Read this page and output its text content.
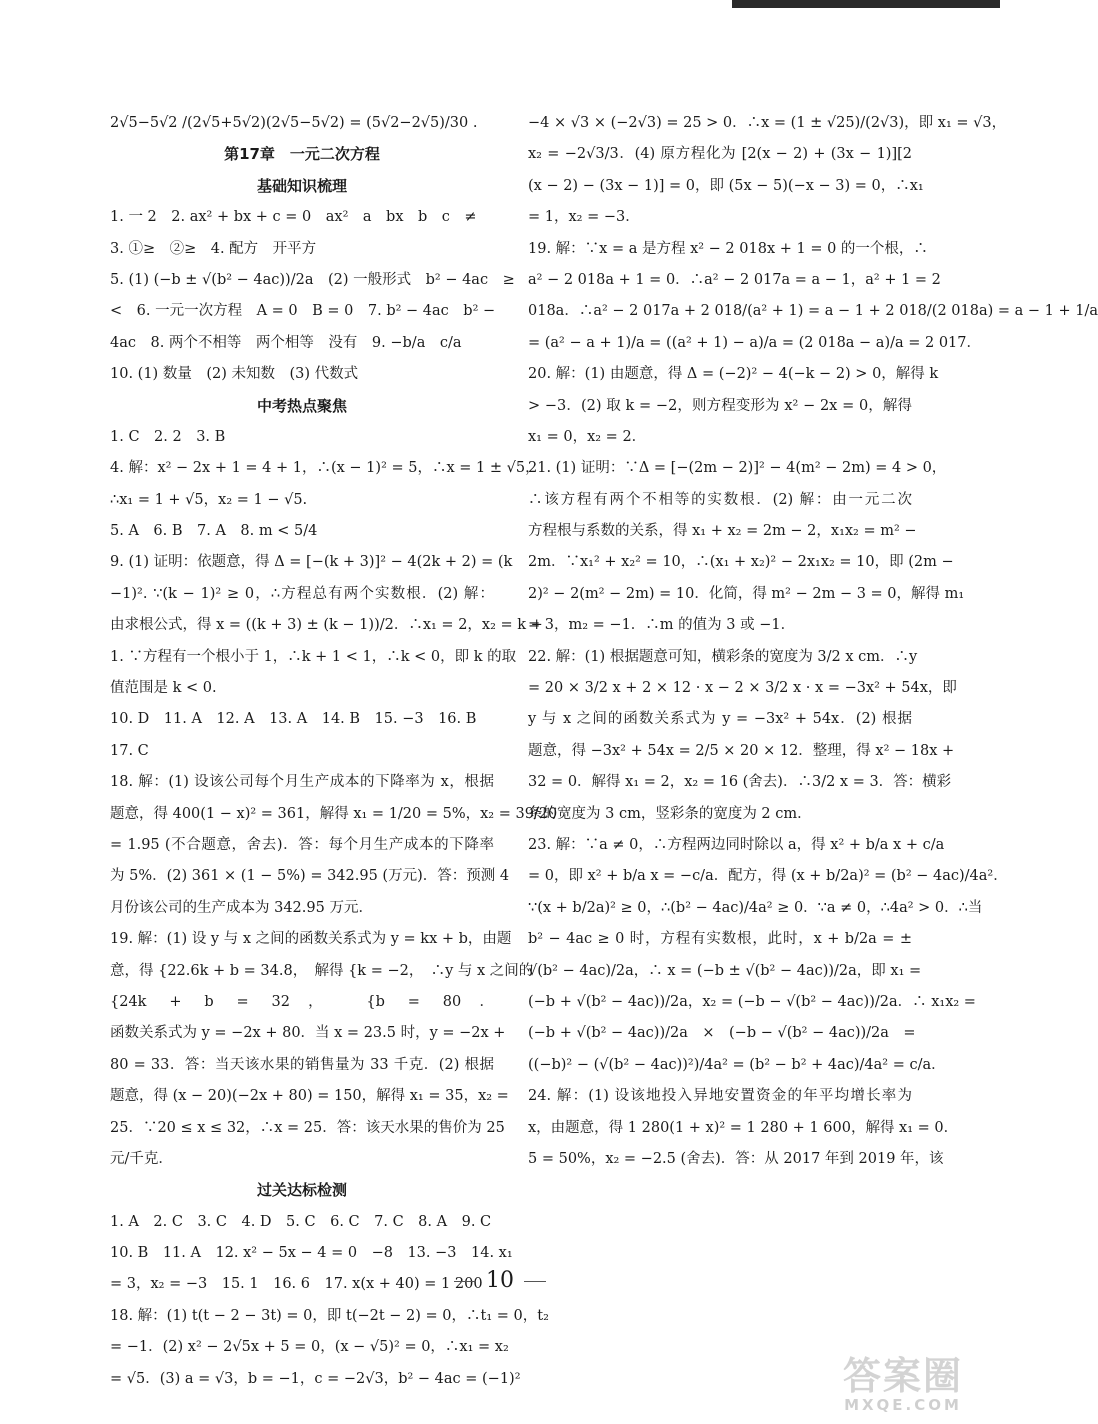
2√5−5√2 /(2√5+5√2)(2√5−5√2) = (5√2−2√5)/30 .
第17章　一元二次方程
基础知识梳理
1. 一 2　2. ax² + bx + c = 0　ax²　a　bx　b　c　≠
3. ①≥　②≥　4. 配方　开平方
5. (1) (−b ± √(b² − 4ac))/2a　(2) 一般形式　b² − 4ac　≥
<　6. 一元一次方程　A = 0　B = 0　7. b² − 4ac　b² −
4ac　8. 两个不相等　两个相等　没有　9. −b/a　c/a
10. (1) 数量　(2) 未知数　(3) 代数式
中考热点聚焦
1. C　2. 2　3. B
4. 解：x² − 2x + 1 = 4 + 1，∴(x − 1)² = 5，∴x = 1 ± √5，
∴x₁ = 1 + √5，x₂ = 1 − √5.
5. A　6. B　7. A　8. m < 5/4
9. (1) 证明：依题意，得 Δ = [−(k + 3)]² − 4(2k + 2) = (k
−1)². ∵(k − 1)² ≥ 0，∴方程总有两个实数根．(2) 解：
由求根公式，得 x = ((k + 3) ± (k − 1))/2．∴x₁ = 2，x₂ = k +
1. ∵方程有一个根小于 1，∴k + 1 < 1，∴k < 0，即 k 的取
值范围是 k < 0.
10. D　11. A　12. A　13. A　14. B　15. −3　16. B
17. C
18. 解：(1) 设该公司每个月生产成本的下降率为 x，根据
题意，得 400(1 − x)² = 361，解得 x₁ = 1/20 = 5%，x₂ = 39/20
= 1.95 (不合题意，舍去)．答：每个月生产成本的下降率
为 5%．(2) 361 × (1 − 5%) = 342.95 (万元)．答：预测 4
月份该公司的生产成本为 342.95 万元．
19. 解：(1) 设 y 与 x 之间的函数关系式为 y = kx + b，由题
意，得 {22.6k + b = 34.8，　解得 {k = −2，　∴y 与 x 之间的
{24k + b = 32，　{b = 80．
函数关系式为 y = −2x + 80．当 x = 23.5 时，y = −2x +
80 = 33．答：当天该水果的销售量为 33 千克．(2) 根据
题意，得 (x − 20)(−2x + 80) = 150，解得 x₁ = 35，x₂ =
25．∵20 ≤ x ≤ 32，∴x = 25．答：该天水果的售价为 25
元/千克．
过关达标检测
1. A　2. C　3. C　4. D　5. C　6. C　7. C　8. A　9. C
10. B　11. A　12. x² − 5x − 4 = 0　−8　13. −3　14. x₁
= 3，x₂ = −3　15. 1　16. 6　17. x(x + 40) = 1 200
18. 解：(1) t(t − 2 − 3t) = 0，即 t(−2t − 2) = 0，∴t₁ = 0，t₂
= −1．(2) x² − 2√5x + 5 = 0，(x − √5)² = 0，∴x₁ = x₂
= √5．(3) a = √3，b = −1，c = −2√3，b² − 4ac = (−1)²
−4 × √3 × (−2√3) = 25 > 0．∴x = (1 ± √25)/(2√3)，即 x₁ = √3，
x₂ = −2√3/3．(4) 原方程化为 [2(x − 2) + (3x − 1)][2
(x − 2) − (3x − 1)] = 0，即 (5x − 5)(−x − 3) = 0，∴x₁
= 1，x₂ = −3．
19. 解：∵x = a 是方程 x² − 2 018x + 1 = 0 的一个根，∴
a² − 2 018a + 1 = 0．∴a² − 2 017a = a − 1，a² + 1 = 2
018a．∴a² − 2 017a + 2 018/(a² + 1) = a − 1 + 2 018/(2 018a) = a − 1 + 1/a
= (a² − a + 1)/a = ((a² + 1) − a)/a = (2 018a − a)/a = 2 017．
20. 解：(1) 由题意，得 Δ = (−2)² − 4(−k − 2) > 0，解得 k
> −3．(2) 取 k = −2，则方程变形为 x² − 2x = 0，解得
x₁ = 0，x₂ = 2．
21. (1) 证明：∵Δ = [−(2m − 2)]² − 4(m² − 2m) = 4 > 0，
∴该方程有两个不相等的实数根．(2) 解：由一元二次
方程根与系数的关系，得 x₁ + x₂ = 2m − 2，x₁x₂ = m² −
2m．∵x₁² + x₂² = 10，∴(x₁ + x₂)² − 2x₁x₂ = 10，即 (2m −
2)² − 2(m² − 2m) = 10．化简，得 m² − 2m − 3 = 0，解得 m₁
= 3，m₂ = −1．∴m 的值为 3 或 −1．
22. 解：(1) 根据题意可知，横彩条的宽度为 3/2 x cm．∴y
= 20 × 3/2 x + 2 × 12 · x − 2 × 3/2 x · x = −3x² + 54x，即
y 与 x 之间的函数关系式为 y = −3x² + 54x．(2) 根据
题意，得 −3x² + 54x = 2/5 × 20 × 12．整理，得 x² − 18x +
32 = 0．解得 x₁ = 2，x₂ = 16 (舍去)．∴3/2 x = 3．答：横彩
条的宽度为 3 cm，竖彩条的宽度为 2 cm．
23. 解：∵a ≠ 0，∴方程两边同时除以 a，得 x² + b/a x + c/a
= 0，即 x² + b/a x = −c/a．配方，得 (x + b/2a)² = (b² − 4ac)/4a²．
∵(x + b/2a)² ≥ 0，∴(b² − 4ac)/4a² ≥ 0．∵a ≠ 0，∴4a² > 0．∴当
b² − 4ac ≥ 0 时，方程有实数根，此时，x + b/2a = ±
√(b² − 4ac)/2a，∴ x = (−b ± √(b² − 4ac))/2a，即 x₁ =
(−b + √(b² − 4ac))/2a，x₂ = (−b − √(b² − 4ac))/2a．∴ x₁x₂ =
(−b + √(b² − 4ac))/2a　×　(−b − √(b² − 4ac))/2a　=
((−b)² − (√(b² − 4ac))²)/4a² = (b² − b² + 4ac)/4a² = c/a．
24. 解：(1) 设该地投入异地安置资金的年平均增长率为
x，由题意，得 1 280(1 + x)² = 1 280 + 1 600，解得 x₁ = 0．
5 = 50%，x₂ = −2.5 (舍去)．答：从 2017 年到 2019 年，该
10
答案圈
MXQE.COM
